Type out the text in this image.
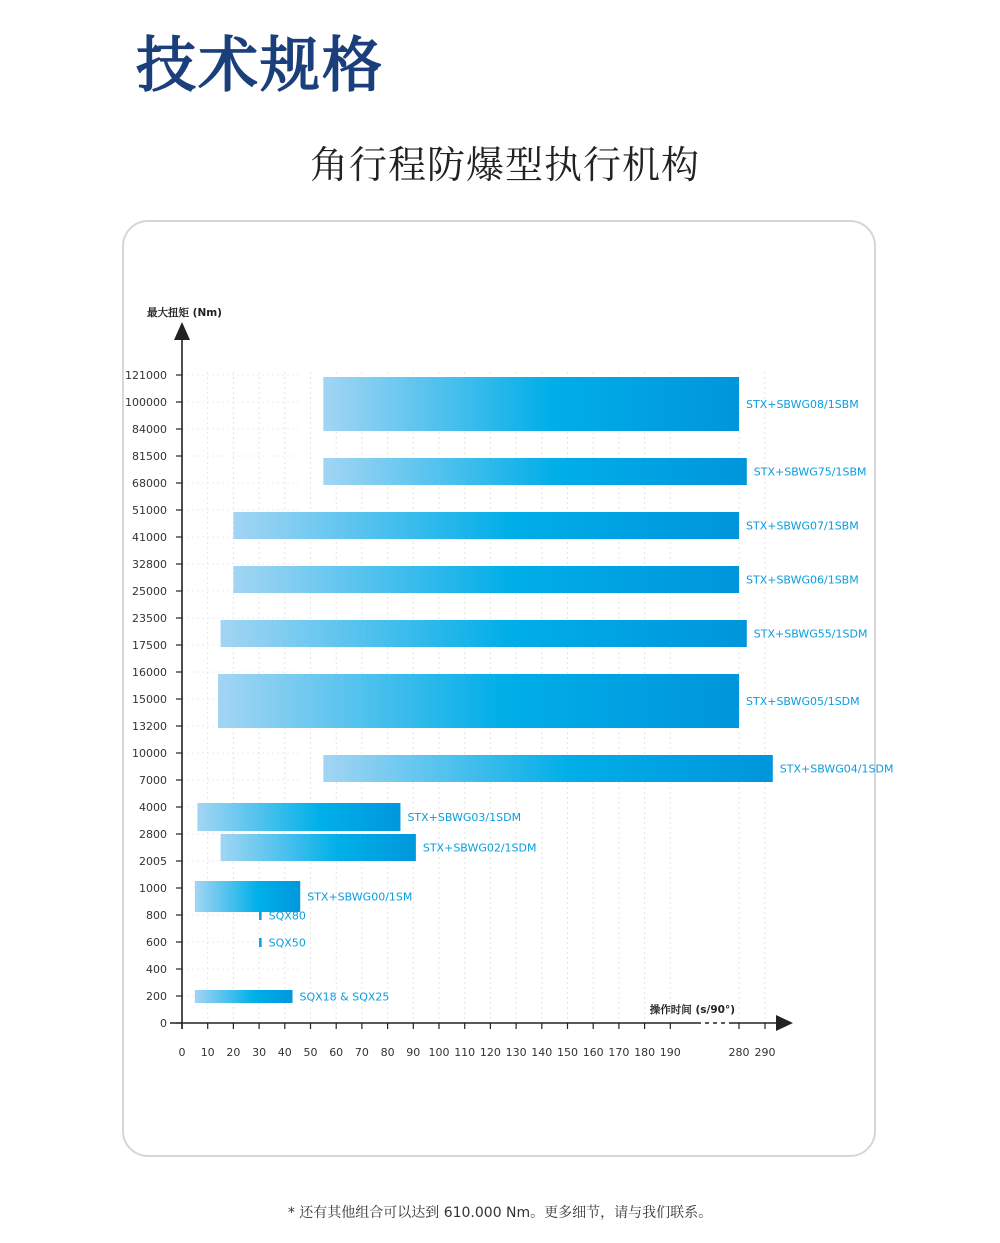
技术规格
角行程防爆型执行机构
STX+SBWG08/1SBM
STX+SBWG75/1SBM
STX+SBWG07/1SBM
STX+SBWG06/1SBM
STX+SBWG55/1SDM
STX+SBWG05/1SDM
STX+SBWG04/1SDM
STX+SBWG03/1SDM
STX+SBWG02/1SDM
STX+SBWG00/1SM
SQX80
SQX50
SQX18 & SQX25
0
200
400
600
800
1000
2005
2800
4000
7000
10000
13200
15000
16000
17500
23500
25000
32800
41000
51000
68000
81500
84000
100000
121000
0 10 20 30 40 50 60 70 80 90 100 110 120 130 140 150 160 170 180 190	280 290
最大扭矩 (Nm)
操作时间 (s/90°)
* 还有其他组合可以达到 610.000 Nm。更多细节，请与我们联系。
